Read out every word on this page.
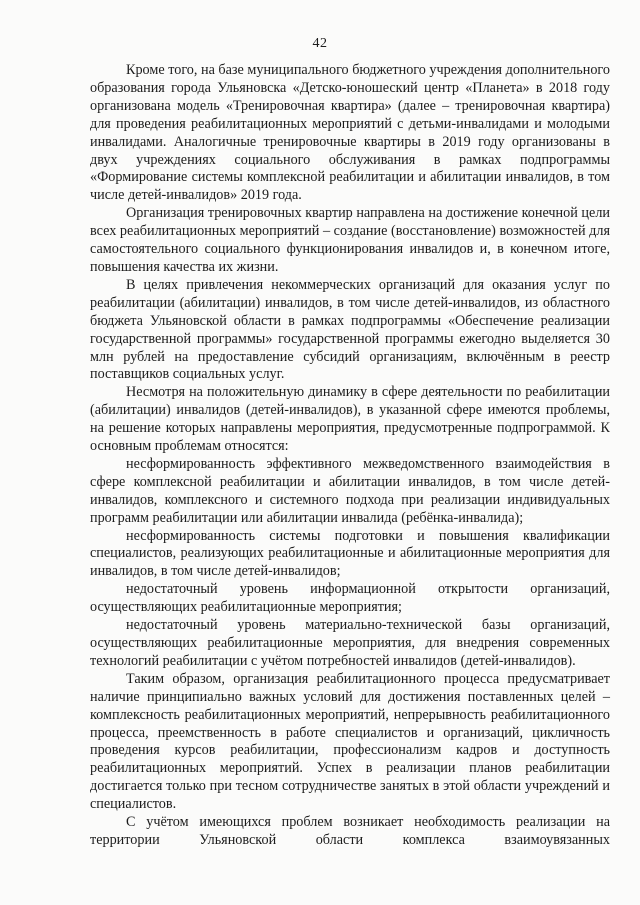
42

Кроме того, на базе муниципального бюджетного учреждения дополнительного образования города Ульяновска «Детско-юношеский центр «Планета» в 2018 году организована модель «Тренировочная квартира» (далее – тренировочная квартира) для проведения реабилитационных мероприятий с детьми-инвалидами и молодыми инвалидами. Аналогичные тренировочные квартиры в 2019 году организованы в двух учреждениях социального обслуживания в рамках подпрограммы «Формирование системы комплексной реабилитации и абилитации инвалидов, в том числе детей-инвалидов» 2019 года.

Организация тренировочных квартир направлена на достижение конечной цели всех реабилитационных мероприятий – создание (восстановление) возможностей для самостоятельного социального функционирования инвалидов и, в конечном итоге, повышения качества их жизни.

В целях привлечения некоммерческих организаций для оказания услуг по реабилитации (абилитации) инвалидов, в том числе детей-инвалидов, из областного бюджета Ульяновской области в рамках подпрограммы «Обеспечение реализации государственной программы» государственной программы ежегодно выделяется 30 млн рублей на предоставление субсидий организациям, включённым в реестр поставщиков социальных услуг.

Несмотря на положительную динамику в сфере деятельности по реабилитации (абилитации) инвалидов (детей-инвалидов), в указанной сфере имеются проблемы, на решение которых направлены мероприятия, предусмотренные подпрограммой. К основным проблемам относятся:

несформированность эффективного межведомственного взаимодействия в сфере комплексной реабилитации и абилитации инвалидов, в том числе детей-инвалидов, комплексного и системного подхода при реализации индивидуальных программ реабилитации или абилитации инвалида (ребёнка-инвалида);

несформированность системы подготовки и повышения квалификации специалистов, реализующих реабилитационные и абилитационные мероприятия для инвалидов, в том числе детей-инвалидов;

недостаточный уровень информационной открытости организаций, осуществляющих реабилитационные мероприятия;

недостаточный уровень материально-технической базы организаций, осуществляющих реабилитационные мероприятия, для внедрения современных технологий реабилитации с учётом потребностей инвалидов (детей-инвалидов).

Таким образом, организация реабилитационного процесса предусматривает наличие принципиально важных условий для достижения поставленных целей – комплексность реабилитационных мероприятий, непрерывность реабилитационного процесса, преемственность в работе специалистов и организаций, цикличность проведения курсов реабилитации, профессионализм кадров и доступность реабилитационных мероприятий. Успех в реализации планов реабилитации достигается только при тесном сотрудничестве занятых в этой области учреждений и специалистов.

С учётом имеющихся проблем возникает необходимость реализации на территории Ульяновской области комплекса взаимоувязанных
